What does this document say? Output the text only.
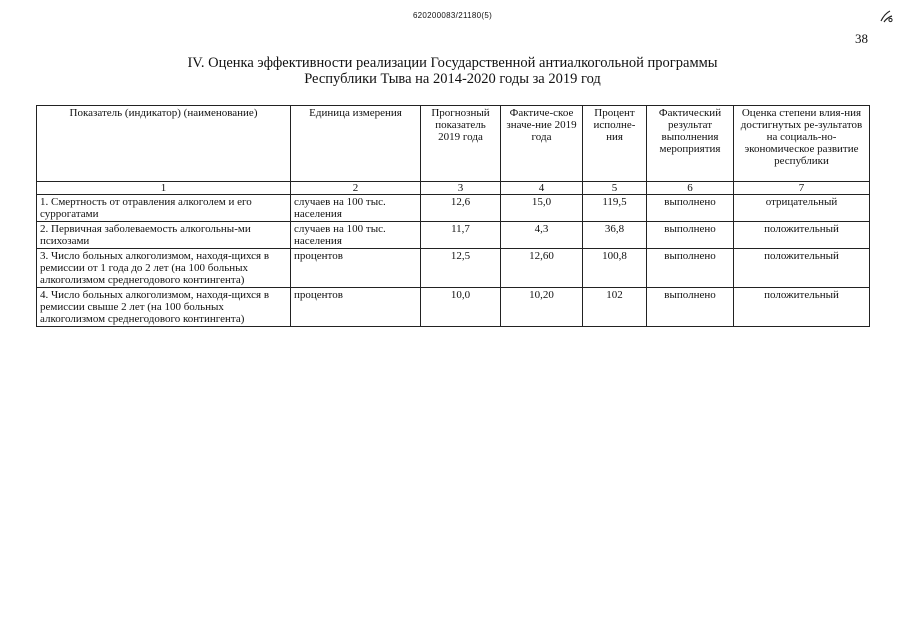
620200083/21180(5)
38
IV. Оценка эффективности реализации Государственной антиалкогольной программы
Республики Тыва на 2014-2020 годы за 2019 год
Показатель (индикатор) (наименование)	Единица измерения	Прогнозный показатель 2019 года	Фактиче-ское значе-ние 2019 года	Процент исполне-ния	Фактический результат выполнения мероприятия	Оценка степени влия-ния достигнутых ре-зультатов на социаль-но-экономическое развитие республики
1	2	3	4	5	6	7
1. Смертность от отравления алкоголем и его суррогатами	случаев на 100 тыс. населения	12,6	15,0	119,5	выполнено	отрицательный
2. Первичная заболеваемость алкогольны-ми психозами	случаев на 100 тыс. населения	11,7	4,3	36,8	выполнено	положительный
3. Число больных алкоголизмом, находя-щихся в ремиссии от 1 года до 2 лет (на 100 больных алкоголизмом среднегодового контингента)	процентов	12,5	12,60	100,8	выполнено	положительный
4. Число больных алкоголизмом, находя-щихся в ремиссии свыше 2 лет (на 100 больных алкоголизмом среднегодового контингента)	процентов	10,0	10,20	102	выполнено	положительный
